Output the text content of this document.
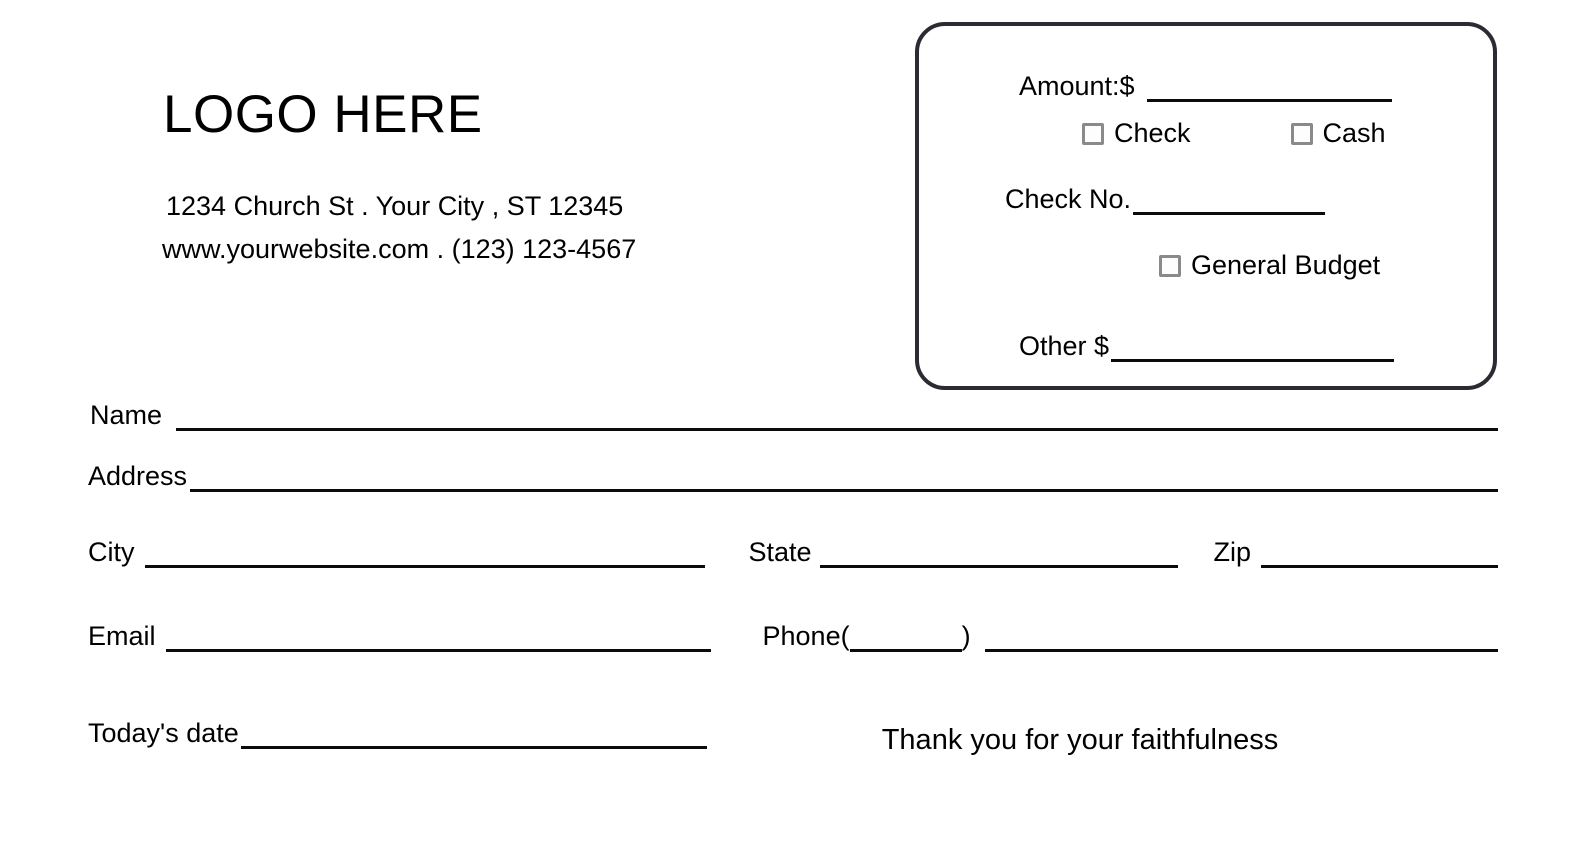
LOGO HERE
1234 Church St . Your City , ST 12345
www.yourwebsite.com . (123) 123-4567
Amount:$
Check	Cash
Check No.
General Budget
Other $
Name
Address
City	State	Zip
Email	Phone(	)
Today's date	Thank you for your faithfulness
